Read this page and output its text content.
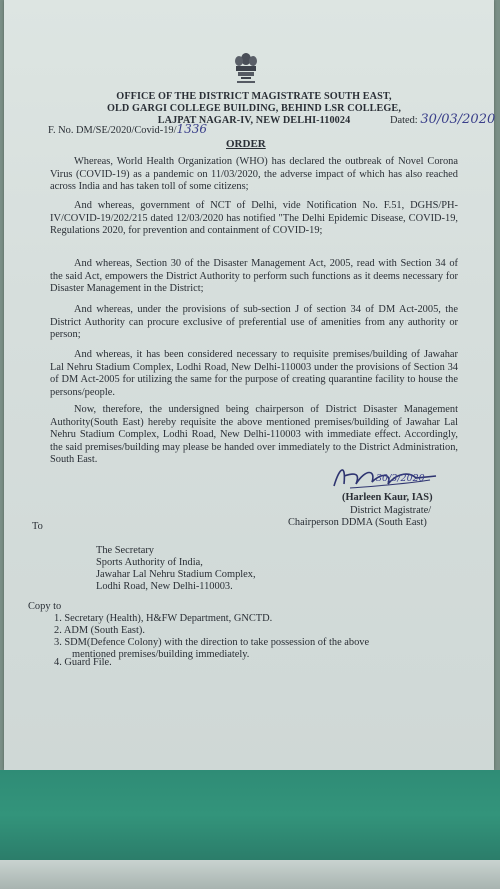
OFFICE OF THE DISTRICT MAGISTRATE SOUTH EAST,
OLD GARGI COLLEGE BUILDING, BEHIND LSR COLLEGE,
LAJPAT NAGAR-IV, NEW DELHI-110024
F. No. DM/SE/2020/Covid-19/1336
Dated: 30/03/2020
ORDER
Whereas, World Health Organization (WHO) has declared the outbreak of Novel Corona Virus (COVID-19) as a pandemic on 11/03/2020, the adverse impact of which has also reached across India and has taken toll of some citizens;
And whereas, government of NCT of Delhi, vide Notification No. F.51, DGHS/PH-IV/COVID-19/202/215 dated 12/03/2020 has notified "The Delhi Epidemic Disease, COVID-19, Regulations 2020, for prevention and containment of COVID-19;
And whereas, Section 30 of the Disaster Management Act, 2005, read with Section 34 of the said Act, empowers the District Authority to perform such functions as it deems necessary for Disaster Management in the District;
And whereas, under the provisions of sub-section J of section 34 of DM Act-2005, the District Authority can procure exclusive of preferential use of amenities from any authority or person;
And whereas, it has been considered necessary to requisite premises/building of Jawahar Lal Nehru Stadium Complex, Lodhi Road, New Delhi-110003 under the provisions of Section 34 of DM Act-2005 for utilizing the same for the purpose of creating quarantine facility to house the persons/people.
Now, therefore, the undersigned being chairperson of District Disaster Management Authority(South East) hereby requisite the above mentioned premises/building of Jawahar Lal Nehru Stadium Complex, Lodhi Road, New Delhi-110003 with immediate effect. Accordingly, the said premises/building may please be handed over immediately to the District Administration, South East.
30/3/2020
(Harleen Kaur, IAS)
District Magistrate/
Chairperson DDMA (South East)
To
The Secretary
Sports Authority of India,
Jawahar Lal Nehru Stadium Complex,
Lodhi Road, New Delhi-110003.
Copy to
1. Secretary (Health), H&FW Department, GNCTD.
2. ADM (South East).
3. SDM(Defence Colony) with the direction to take possession of the above
mentioned premises/building immediately.
4. Guard File.
